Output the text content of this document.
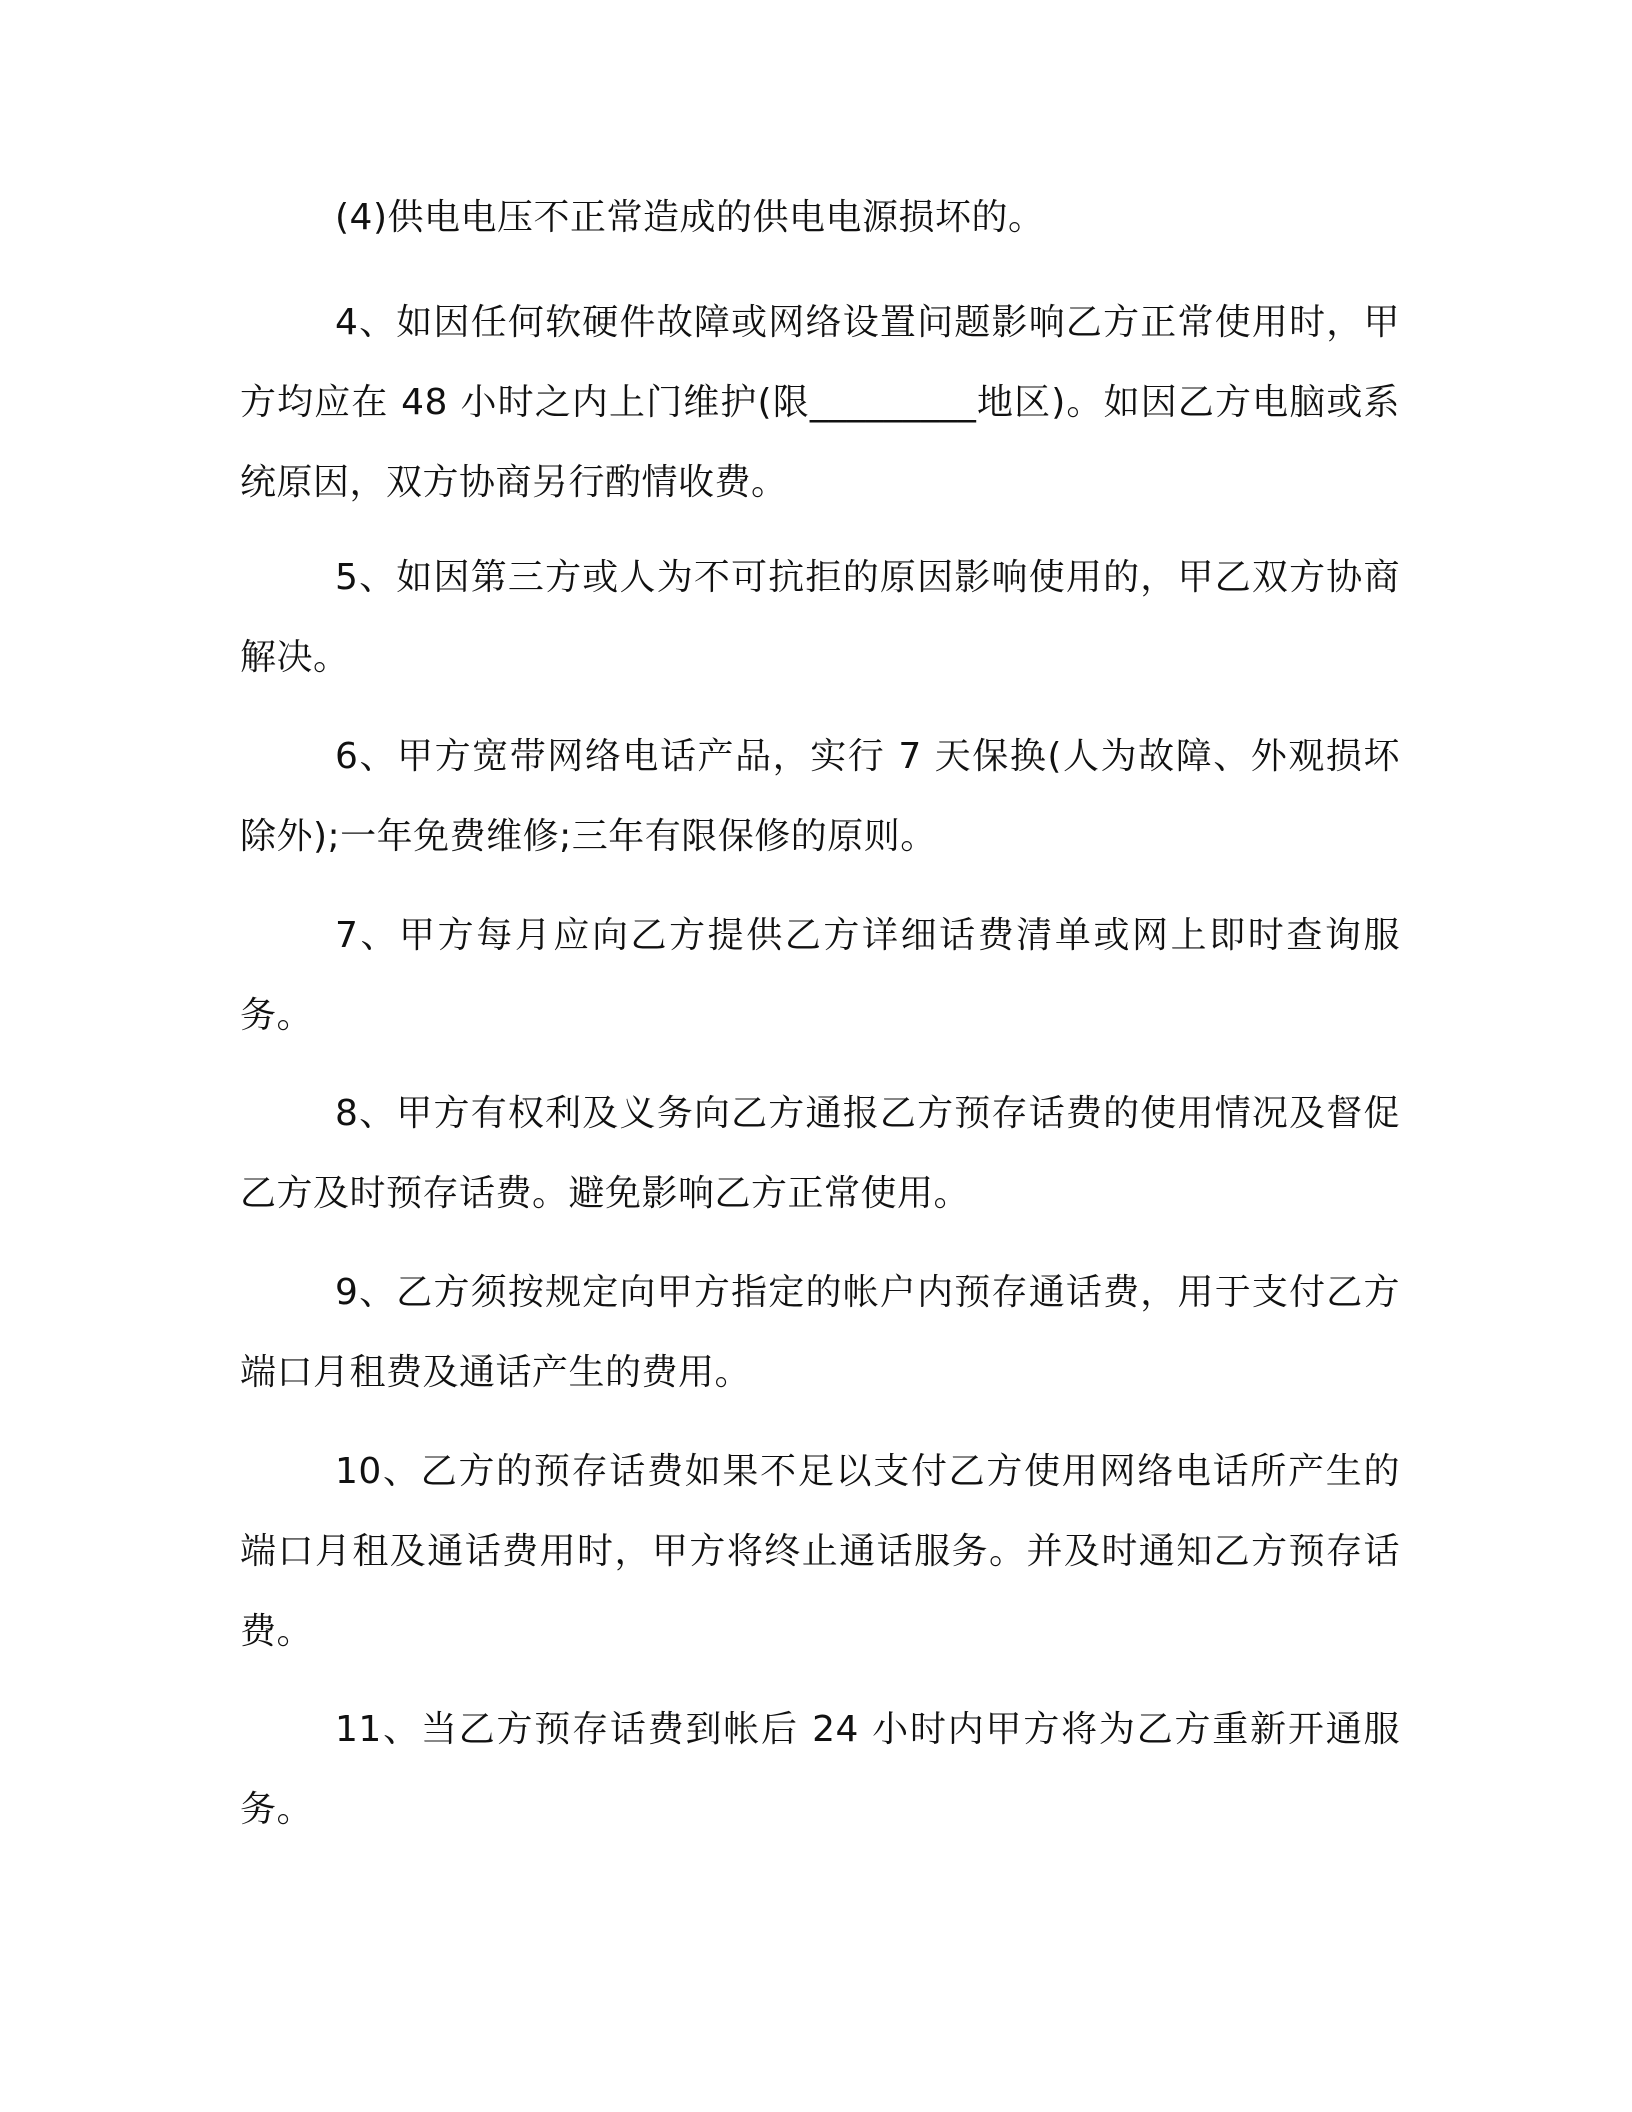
(4)供电电压不正常造成的供电电源损坏的。

4、如因任何软硬件故障或网络设置问题影响乙方正常使用时，甲方均应在 48 小时之内上门维护(限_________地区)。如因乙方电脑或系统原因，双方协商另行酌情收费。

5、如因第三方或人为不可抗拒的原因影响使用的，甲乙双方协商解决。

6、甲方宽带网络电话产品，实行 7 天保换(人为故障、外观损坏除外);一年免费维修;三年有限保修的原则。

7、甲方每月应向乙方提供乙方详细话费清单或网上即时查询服务。

8、甲方有权利及义务向乙方通报乙方预存话费的使用情况及督促乙方及时预存话费。避免影响乙方正常使用。

9、乙方须按规定向甲方指定的帐户内预存通话费，用于支付乙方端口月租费及通话产生的费用。

10、乙方的预存话费如果不足以支付乙方使用网络电话所产生的端口月租及通话费用时，甲方将终止通话服务。并及时通知乙方预存话费。

11、当乙方预存话费到帐后 24 小时内甲方将为乙方重新开通服务。
